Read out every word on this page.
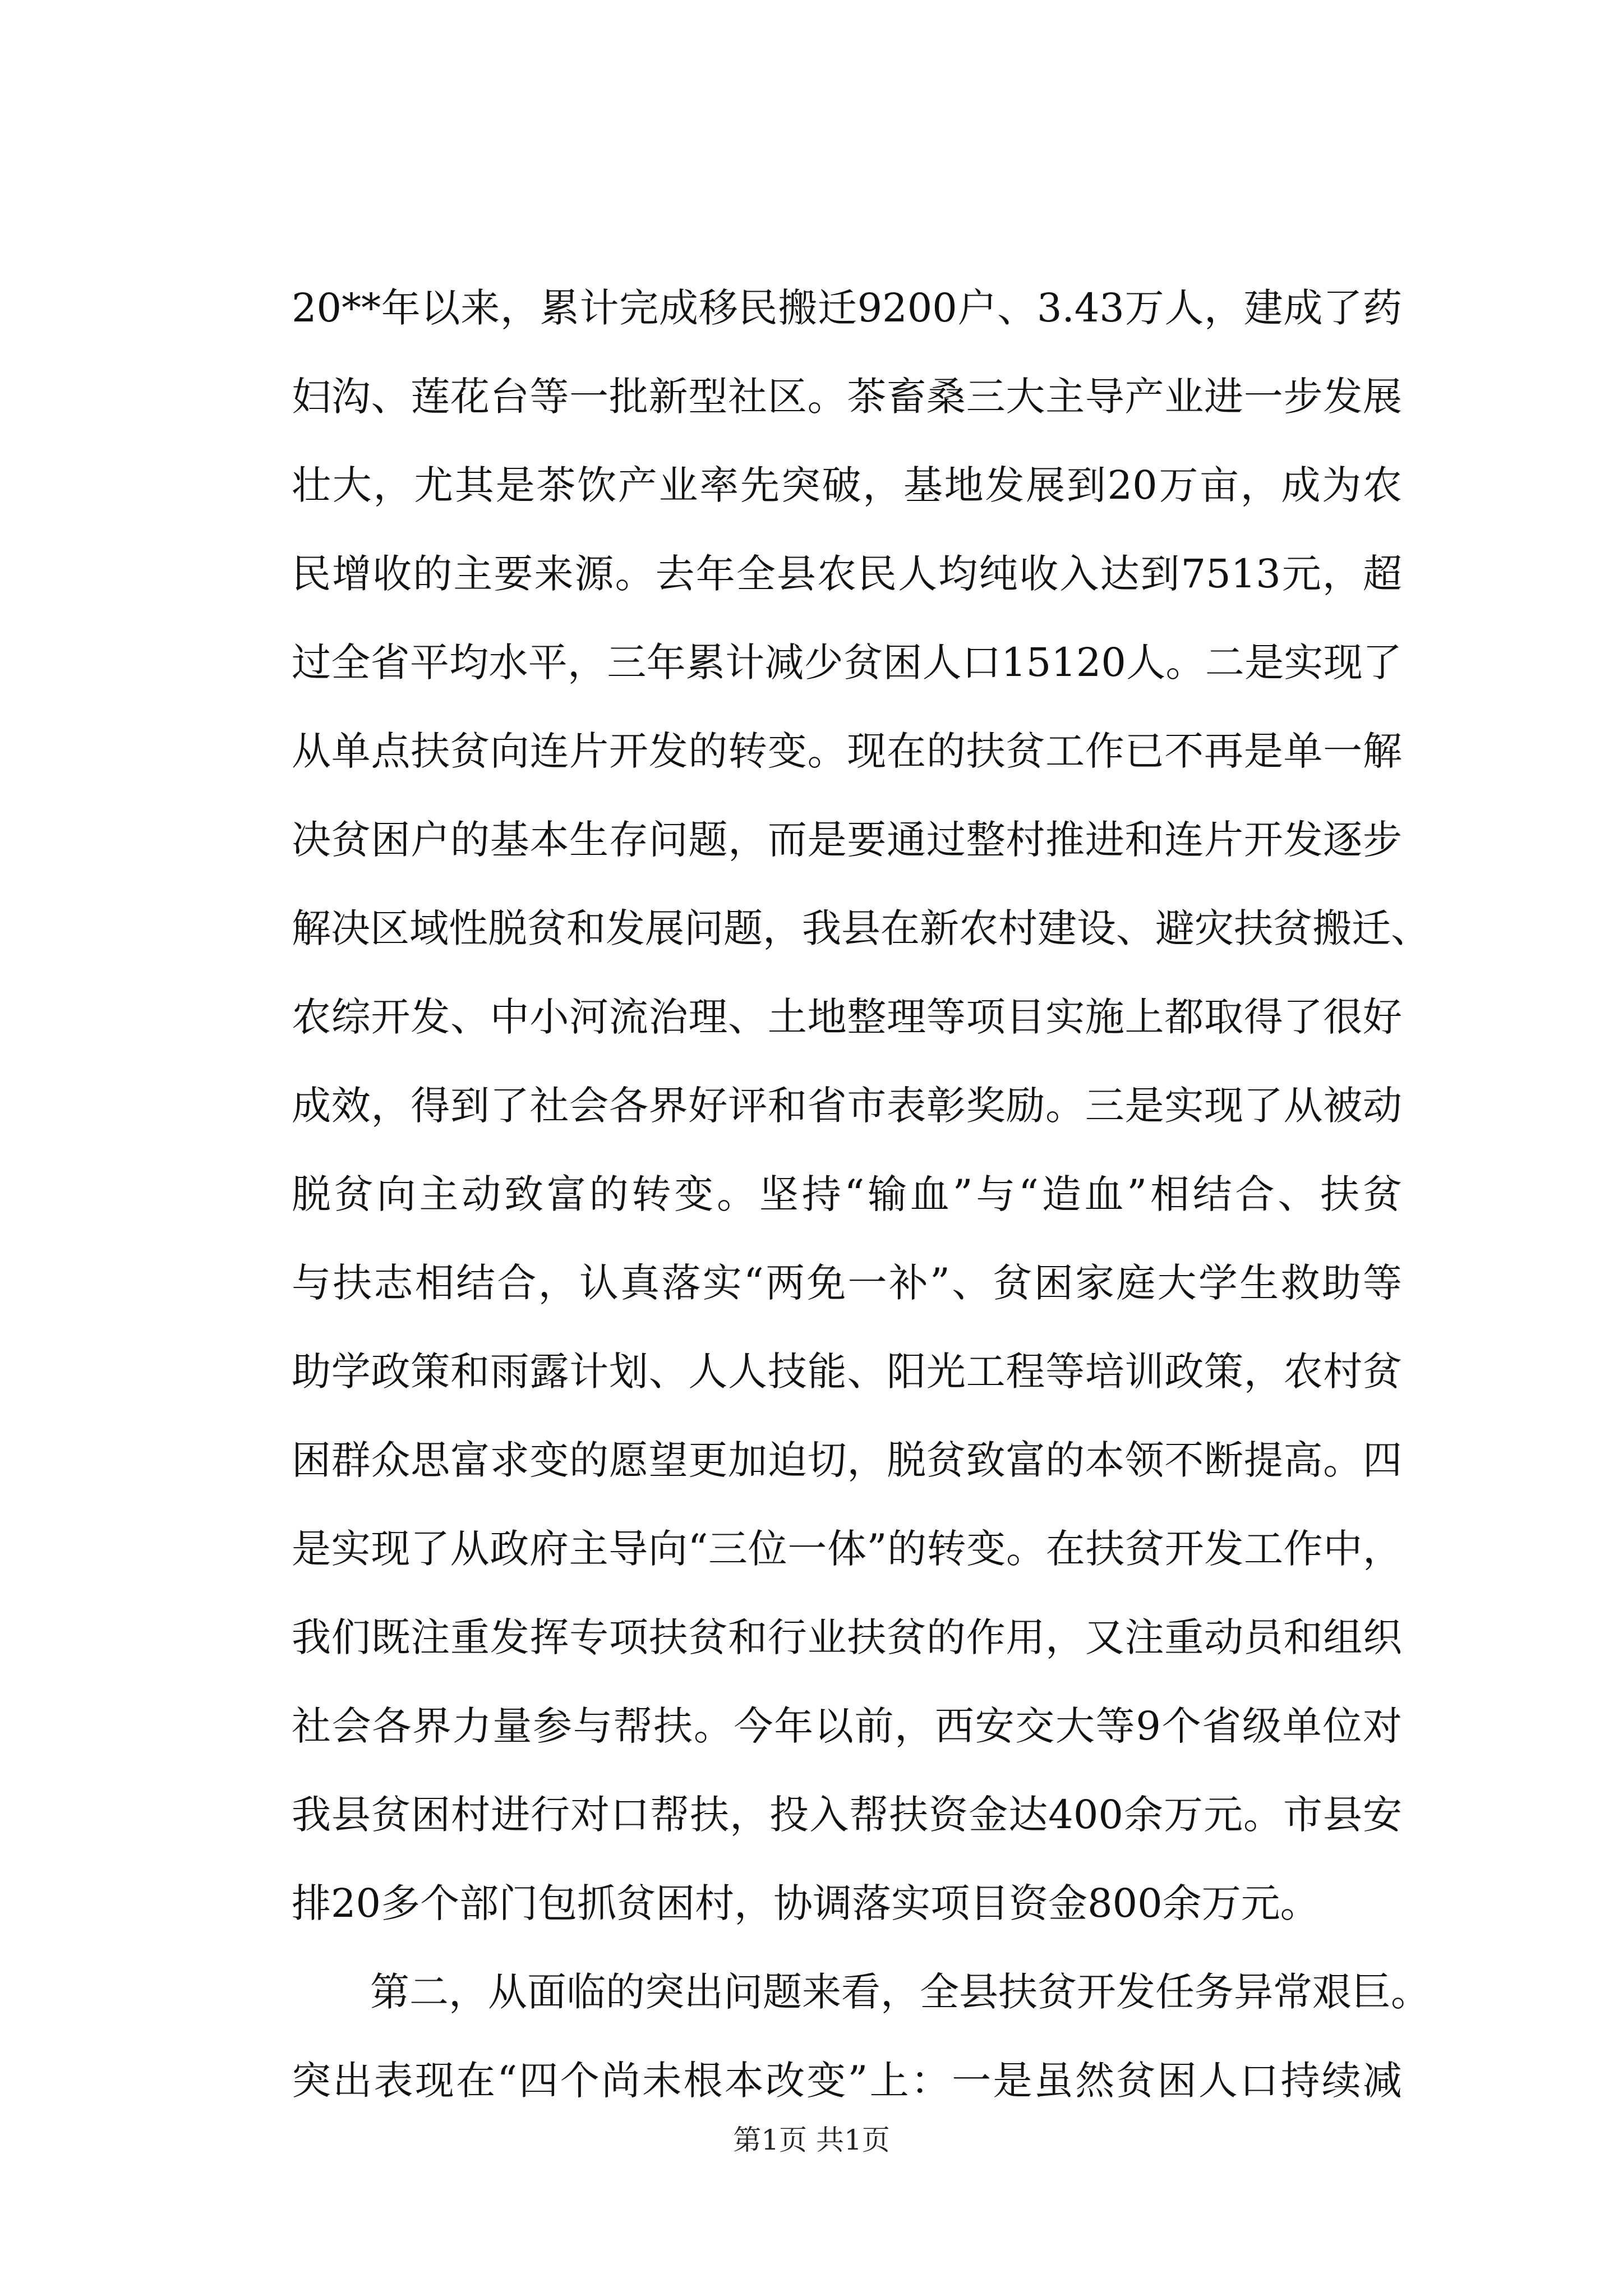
20**年以来，累计完成移民搬迁9200户、3.43万人，建成了药
妇沟、莲花台等一批新型社区。茶畜桑三大主导产业进一步发展
壮大，尤其是茶饮产业率先突破，基地发展到20万亩，成为农
民增收的主要来源。去年全县农民人均纯收入达到7513元，超
过全省平均水平，三年累计减少贫困人口15120人。二是实现了
从单点扶贫向连片开发的转变。现在的扶贫工作已不再是单一解
决贫困户的基本生存问题，而是要通过整村推进和连片开发逐步
解决区域性脱贫和发展问题，我县在新农村建设、避灾扶贫搬迁、
农综开发、中小河流治理、土地整理等项目实施上都取得了很好
成效，得到了社会各界好评和省市表彰奖励。三是实现了从被动
脱贫向主动致富的转变。坚持“输血”与“造血”相结合、扶贫
与扶志相结合，认真落实“两免一补”、贫困家庭大学生救助等
助学政策和雨露计划、人人技能、阳光工程等培训政策，农村贫
困群众思富求变的愿望更加迫切，脱贫致富的本领不断提高。四
是实现了从政府主导向“三位一体”的转变。在扶贫开发工作中，
我们既注重发挥专项扶贫和行业扶贫的作用，又注重动员和组织
社会各界力量参与帮扶。今年以前，西安交大等9个省级单位对
我县贫困村进行对口帮扶，投入帮扶资金达400余万元。市县安
排20多个部门包抓贫困村，协调落实项目资金800余万元。
第二，从面临的突出问题来看，全县扶贫开发任务异常艰巨。
突出表现在“四个尚未根本改变”上：一是虽然贫困人口持续减
第1页 共1页
